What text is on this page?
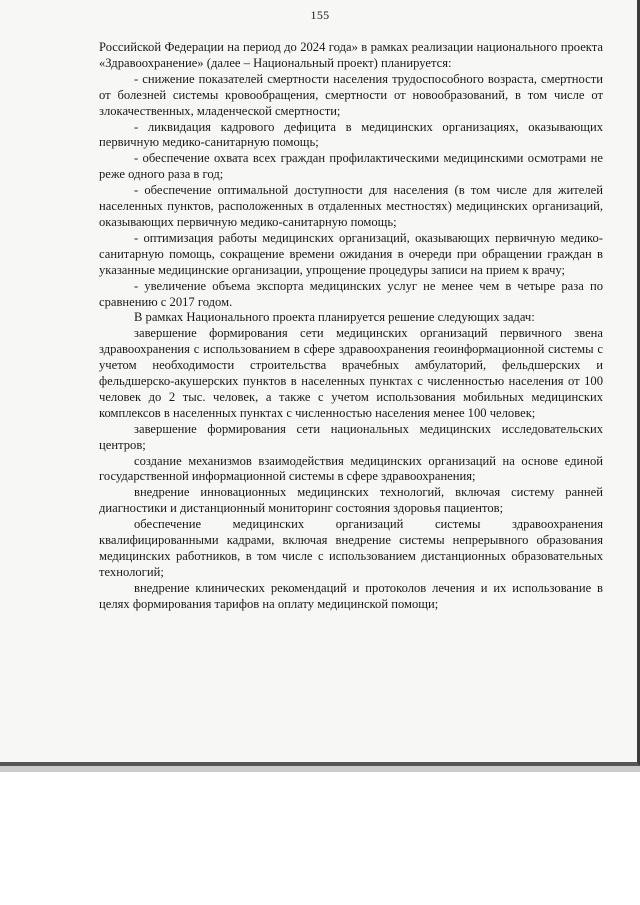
155

Российской Федерации на период до 2024 года» в рамках реализации национального проекта «Здравоохранение» (далее – Национальный проект) планируется:

- снижение показателей смертности населения трудоспособного возраста, смертности от болезней системы кровообращения, смертности от новообразований, в том числе от злокачественных, младенческой смертности;

- ликвидация кадрового дефицита в медицинских организациях, оказывающих первичную медико-санитарную помощь;

- обеспечение охвата всех граждан профилактическими медицинскими осмотрами не реже одного раза в год;

- обеспечение оптимальной доступности для населения (в том числе для жителей населенных пунктов, расположенных в отдаленных местностях) медицинских организаций, оказывающих первичную медико-санитарную помощь;

- оптимизация работы медицинских организаций, оказывающих первичную медико-санитарную помощь, сокращение времени ожидания в очереди при обращении граждан в указанные медицинские организации, упрощение процедуры записи на прием к врачу;

- увеличение объема экспорта медицинских услуг не менее чем в четыре раза по сравнению с 2017 годом.

В рамках Национального проекта планируется решение следующих задач:

завершение формирования сети медицинских организаций первичного звена здравоохранения с использованием в сфере здравоохранения геоинформационной системы с учетом необходимости строительства врачебных амбулаторий, фельдшерских и фельдшерско-акушерских пунктов в населенных пунктах с численностью населения от 100 человек до 2 тыс. человек, а также с учетом использования мобильных медицинских комплексов в населенных пунктах с численностью населения менее 100 человек;

завершение формирования сети национальных медицинских исследовательских центров;

создание механизмов взаимодействия медицинских организаций на основе единой государственной информационной системы в сфере здравоохранения;

внедрение инновационных медицинских технологий, включая систему ранней диагностики и дистанционный мониторинг состояния здоровья пациентов;

обеспечение медицинских организаций системы здравоохранения квалифицированными кадрами, включая внедрение системы непрерывного образования медицинских работников, в том числе с использованием дистанционных образовательных технологий;

внедрение клинических рекомендаций и протоколов лечения и их использование в целях формирования тарифов на оплату медицинской помощи;
